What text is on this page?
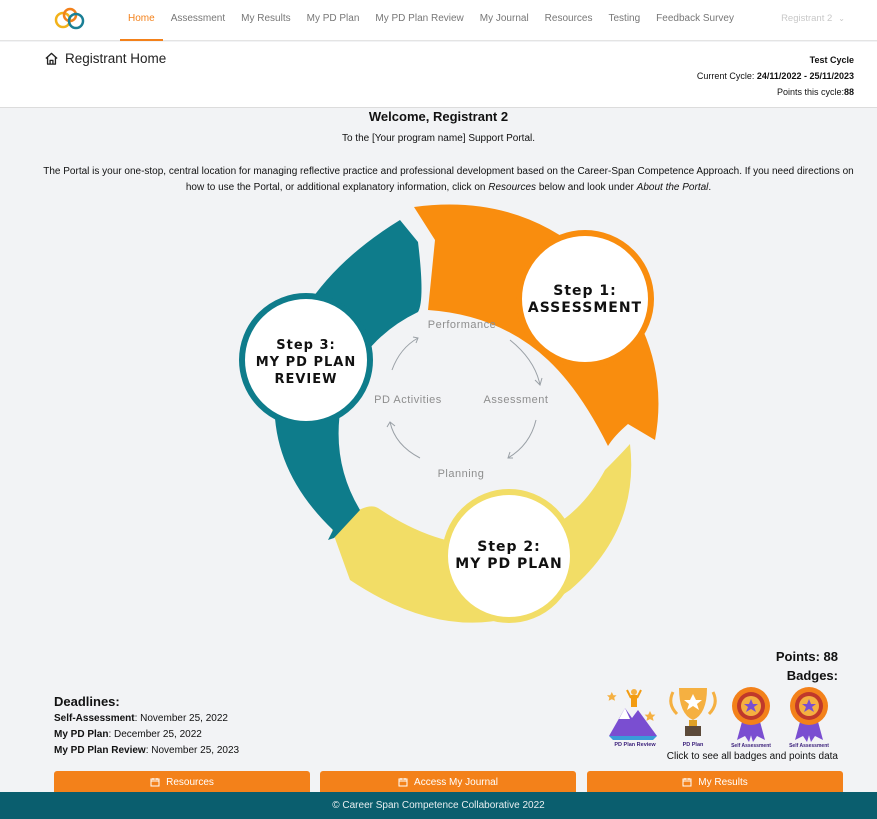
Home	Assessment	My Results	My PD Plan	My PD Plan Review	My Journal	Resources	Testing	Feedback Survey	Registrant 2 ⌄
Registrant Home	Test Cycle
Current Cycle: 24/11/2022 - 25/11/2023
Points this cycle:88
Welcome, Registrant 2
To the [Your program name] Support Portal.
The Portal is your one-stop, central location for managing reflective practice and professional development based on the Career-Span Competence Approach. If you need directions on how to use the Portal, or additional explanatory information, click on Resources below and look under About the Portal.
Performance
Assessment
Planning
PD Activities
Step 1:
ASSESSMENT
Step 2:
MY PD PLAN
Step 3:
MY PD PLAN
REVIEW
Points: 88
Badges:
PD Plan Review	PD Plan	Self Assessment	Self Assessment
Click to see all badges and points data
Deadlines:
Self-Assessment: November 25, 2022
My PD Plan: December 25, 2022
My PD Plan Review: November 25, 2023
Resources	Access My Journal	My Results
© Career Span Competence Collaborative 2022
